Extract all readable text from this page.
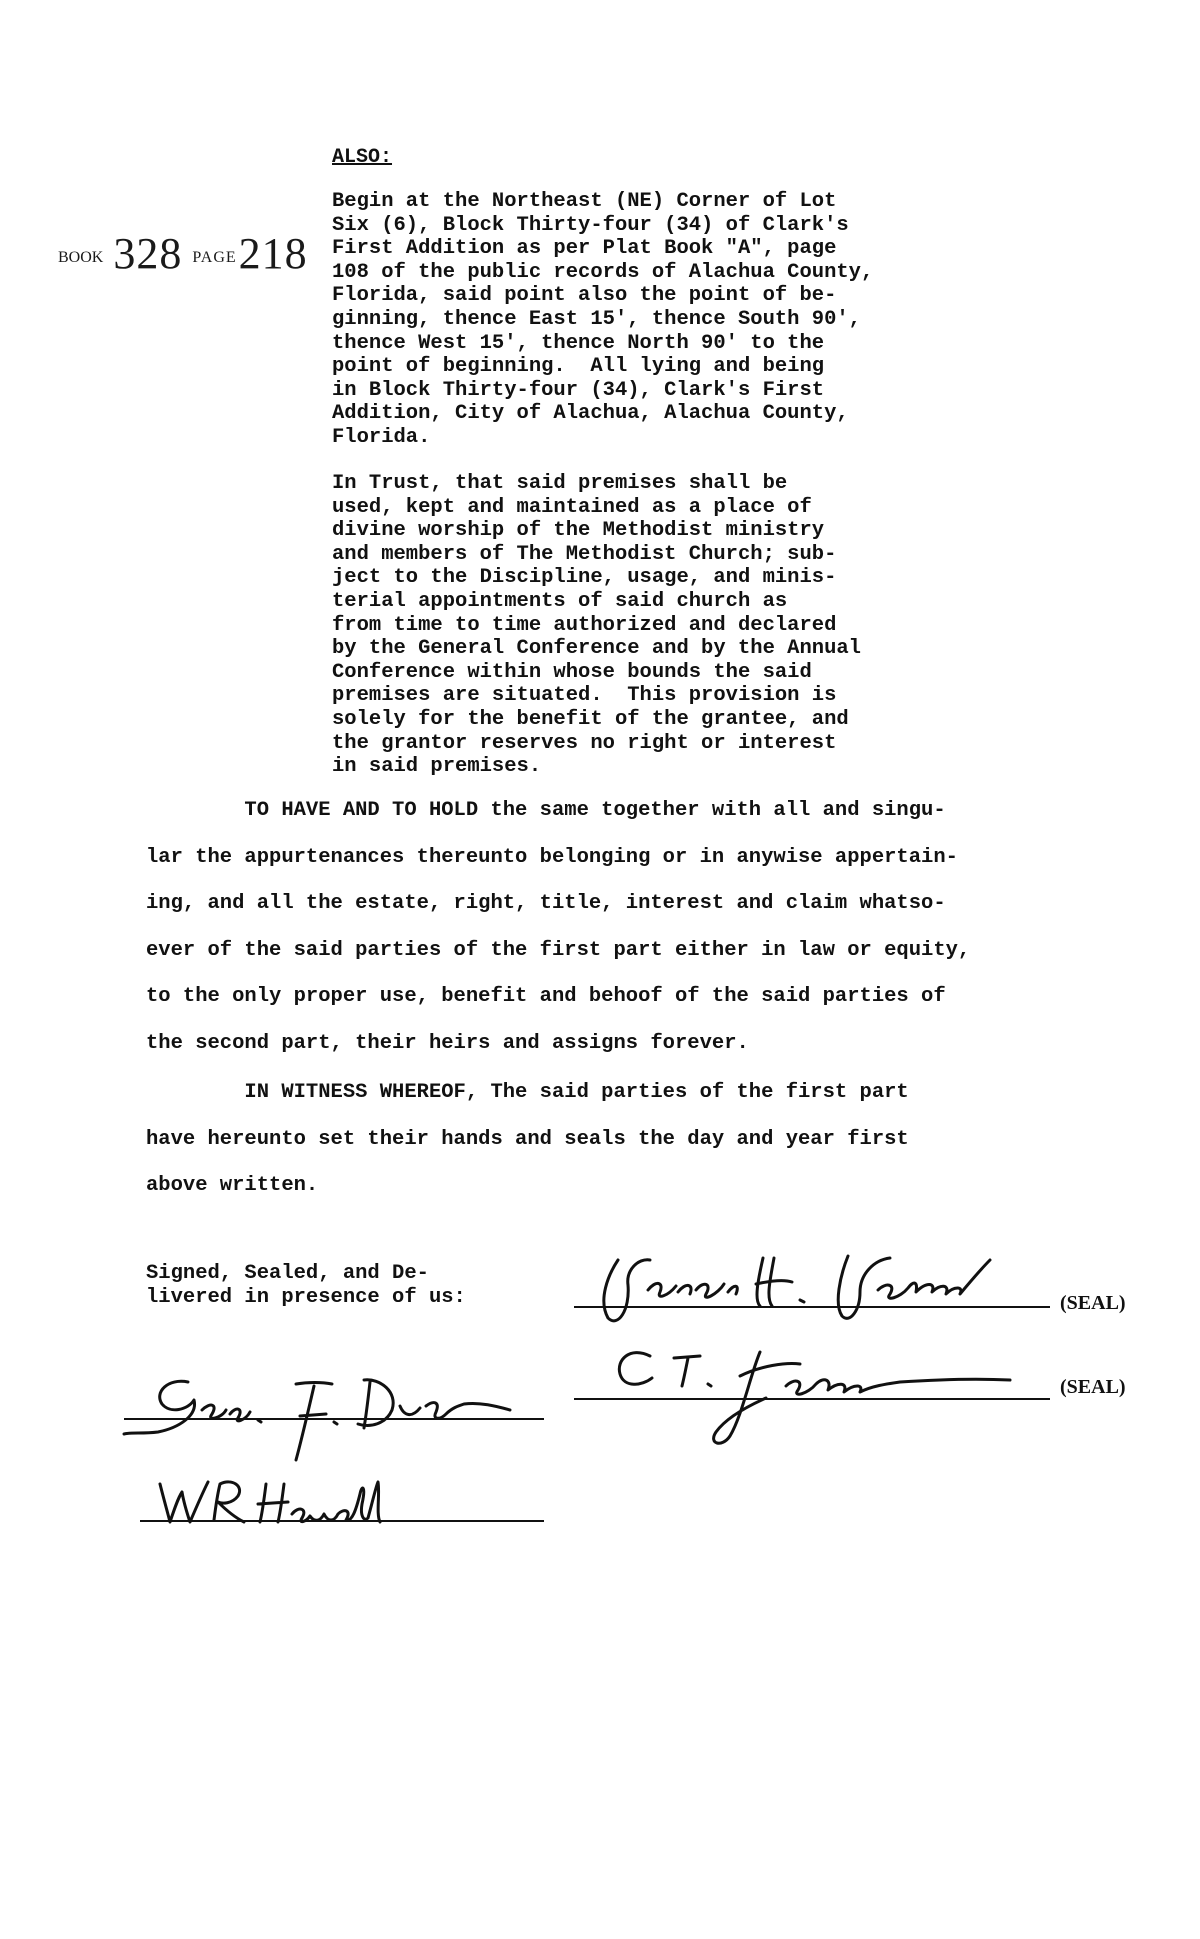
BOOK 328 PAGE218
ALSO:
Begin at the Northeast (NE) Corner of Lot
Six (6), Block Thirty-four (34) of Clark's
First Addition as per Plat Book "A", page
108 of the public records of Alachua County,
Florida, said point also the point of be-
ginning, thence East 15', thence South 90',
thence West 15', thence North 90' to the
point of beginning.  All lying and being
in Block Thirty-four (34), Clark's First
Addition, City of Alachua, Alachua County,
Florida.
In Trust, that said premises shall be
used, kept and maintained as a place of
divine worship of the Methodist ministry
and members of The Methodist Church; sub-
ject to the Discipline, usage, and minis-
terial appointments of said church as
from time to time authorized and declared
by the General Conference and by the Annual
Conference within whose bounds the said
premises are situated.  This provision is
solely for the benefit of the grantee, and
the grantor reserves no right or interest
in said premises.
TO HAVE AND TO HOLD the same together with all and singu-
lar the appurtenances thereunto belonging or in anywise appertain-
ing, and all the estate, right, title, interest and claim whatso-
ever of the said parties of the first part either in law or equity,
to the only proper use, benefit and behoof of the said parties of
the second part, their heirs and assigns forever.
IN WITNESS WHEREOF, The said parties of the first part
have hereunto set their hands and seals the day and year first
above written.
Signed, Sealed, and De-
livered in presence of us:	(SEAL)
(SEAL)
